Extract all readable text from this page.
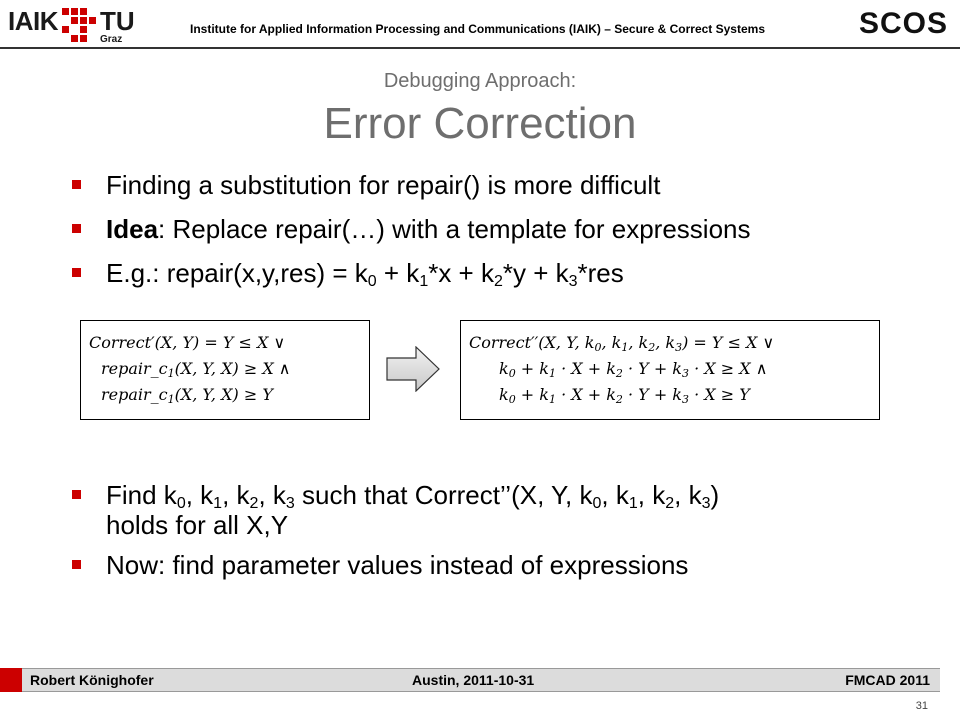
IAIK TU
Graz
Institute for Applied Information Processing and Communications (IAIK) – Secure & Correct Systems	SCOS
Debugging Approach:
Error Correction
Finding a substitution for repair() is more difficult
Idea: Replace repair(…) with a template for expressions
E.g.: repair(x,y,res) = $k_0 + k_1*x + k_2*y + k_3*res$
Correct′(X, Y) = Y ≤ X ∨
$repair\_c_1(X$, Y, X) ≥ X ∧
$repair\_c_1(X$, Y, X) ≥ Y
Correct′′(X, Y, $k_0$, $k_1$, $k_2$, $k_3) = Y \le X$ ∨
$k_0 + k_1 \cdot X + k_2 \cdot Y + k_3 \cdot X \ge X$ ∧
$k_0 + k_1 \cdot X + k_2 \cdot Y + k_3 \cdot X \ge Y$
Find $k_0$, $k_1$, $k_2$, $k_3$ such that Correct’’(X, Y, $k_0$, $k_1$, $k_2$, $k_3$)
holds for all X,Y
Now: find parameter values instead of expressions
Robert Könighofer	Austin, 2011-10-31	FMCAD 2011
31
